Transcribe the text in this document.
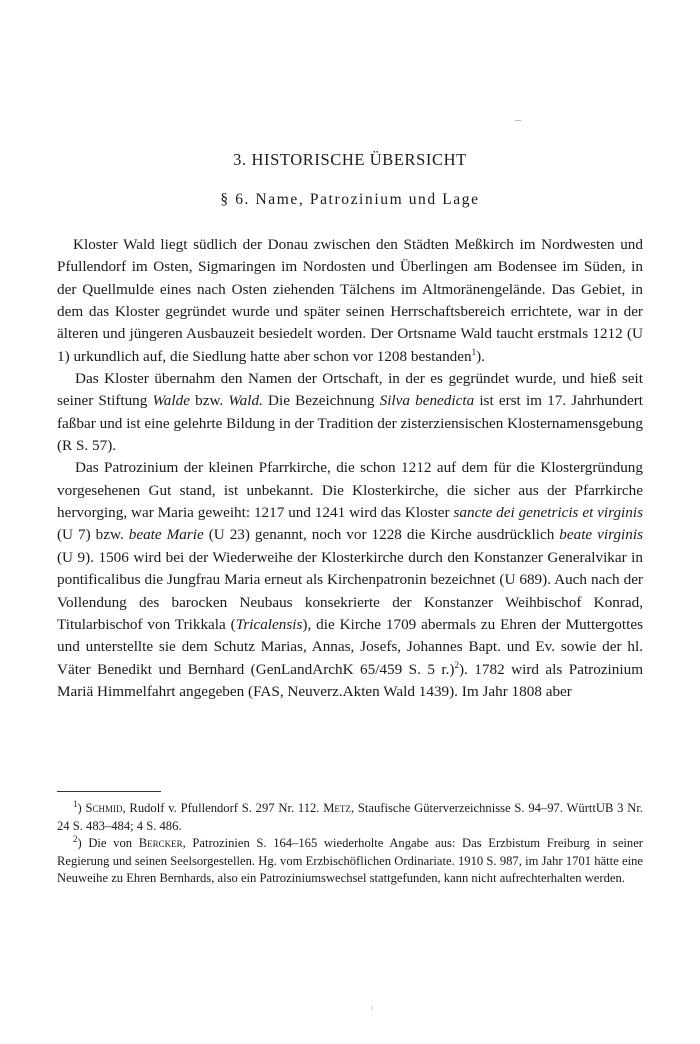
3. HISTORISCHE ÜBERSICHT
§ 6. Name, Patrozinium und Lage

Kloster Wald liegt südlich der Donau zwischen den Städten Meßkirch im Nordwesten und Pfullendorf im Osten, Sigmaringen im Nordosten und Überlingen am Bodensee im Süden, in der Quellmulde eines nach Osten ziehenden Tälchens im Altmoränengelände. Das Gebiet, in dem das Kloster gegründet wurde und später seinen Herrschaftsbereich errichtete, war in der älteren und jüngeren Ausbauzeit besiedelt worden. Der Ortsname Wald taucht erstmals 1212 (U 1) urkundlich auf, die Siedlung hatte aber schon vor 1208 bestanden$^1$).

Das Kloster übernahm den Namen der Ortschaft, in der es gegründet wurde, und hieß seit seiner Stiftung Walde bzw. Wald. Die Bezeichnung Silva benedicta ist erst im 17. Jahrhundert faßbar und ist eine gelehrte Bildung in der Tradition der zisterziensischen Klosternamensgebung (R S. 57).

Das Patrozinium der kleinen Pfarrkirche, die schon 1212 auf dem für die Klostergründung vorgesehenen Gut stand, ist unbekannt. Die Klosterkirche, die sicher aus der Pfarrkirche hervorging, war Maria geweiht: 1217 und 1241 wird das Kloster sancte dei genetricis et virginis (U 7) bzw. beate Marie (U 23) genannt, noch vor 1228 die Kirche ausdrücklich beate virginis (U 9). 1506 wird bei der Wiederweihe der Klosterkirche durch den Konstanzer Generalvikar in pontificalibus die Jungfrau Maria erneut als Kirchenpatronin bezeichnet (U 689). Auch nach der Vollendung des barocken Neubaus konsekrierte der Konstanzer Weihbischof Konrad, Titularbischof von Trikkala (Tricalensis), die Kirche 1709 abermals zu Ehren der Muttergottes und unterstellte sie dem Schutz Marias, Annas, Josefs, Johannes Bapt. und Ev. sowie der hl. Väter Benedikt und Bernhard (GenLandArchK 65/459 S. 5 r.)$^2$). 1782 wird als Patrozinium Mariä Himmelfahrt angegeben (FAS, Neuverz.Akten Wald 1439). Im Jahr 1808 aber

$^1$) Schmid, Rudolf v. Pfullendorf S. 297 Nr. 112. Metz, Staufische Güterverzeichnisse S. 94–97. WürttUB 3 Nr. 24 S. 483–484; 4 S. 486.

$^2$) Die von Bercker, Patrozinien S. 164–165 wiederholte Angabe aus: Das Erzbistum Freiburg in seiner Regierung und seinen Seelsorgestellen. Hg. vom Erzbischöflichen Ordinariate. 1910 S. 987, im Jahr 1701 hätte eine Neuweihe zu Ehren Bernhards, also ein Patroziniumswechsel stattgefunden, kann nicht aufrechterhalten werden.
